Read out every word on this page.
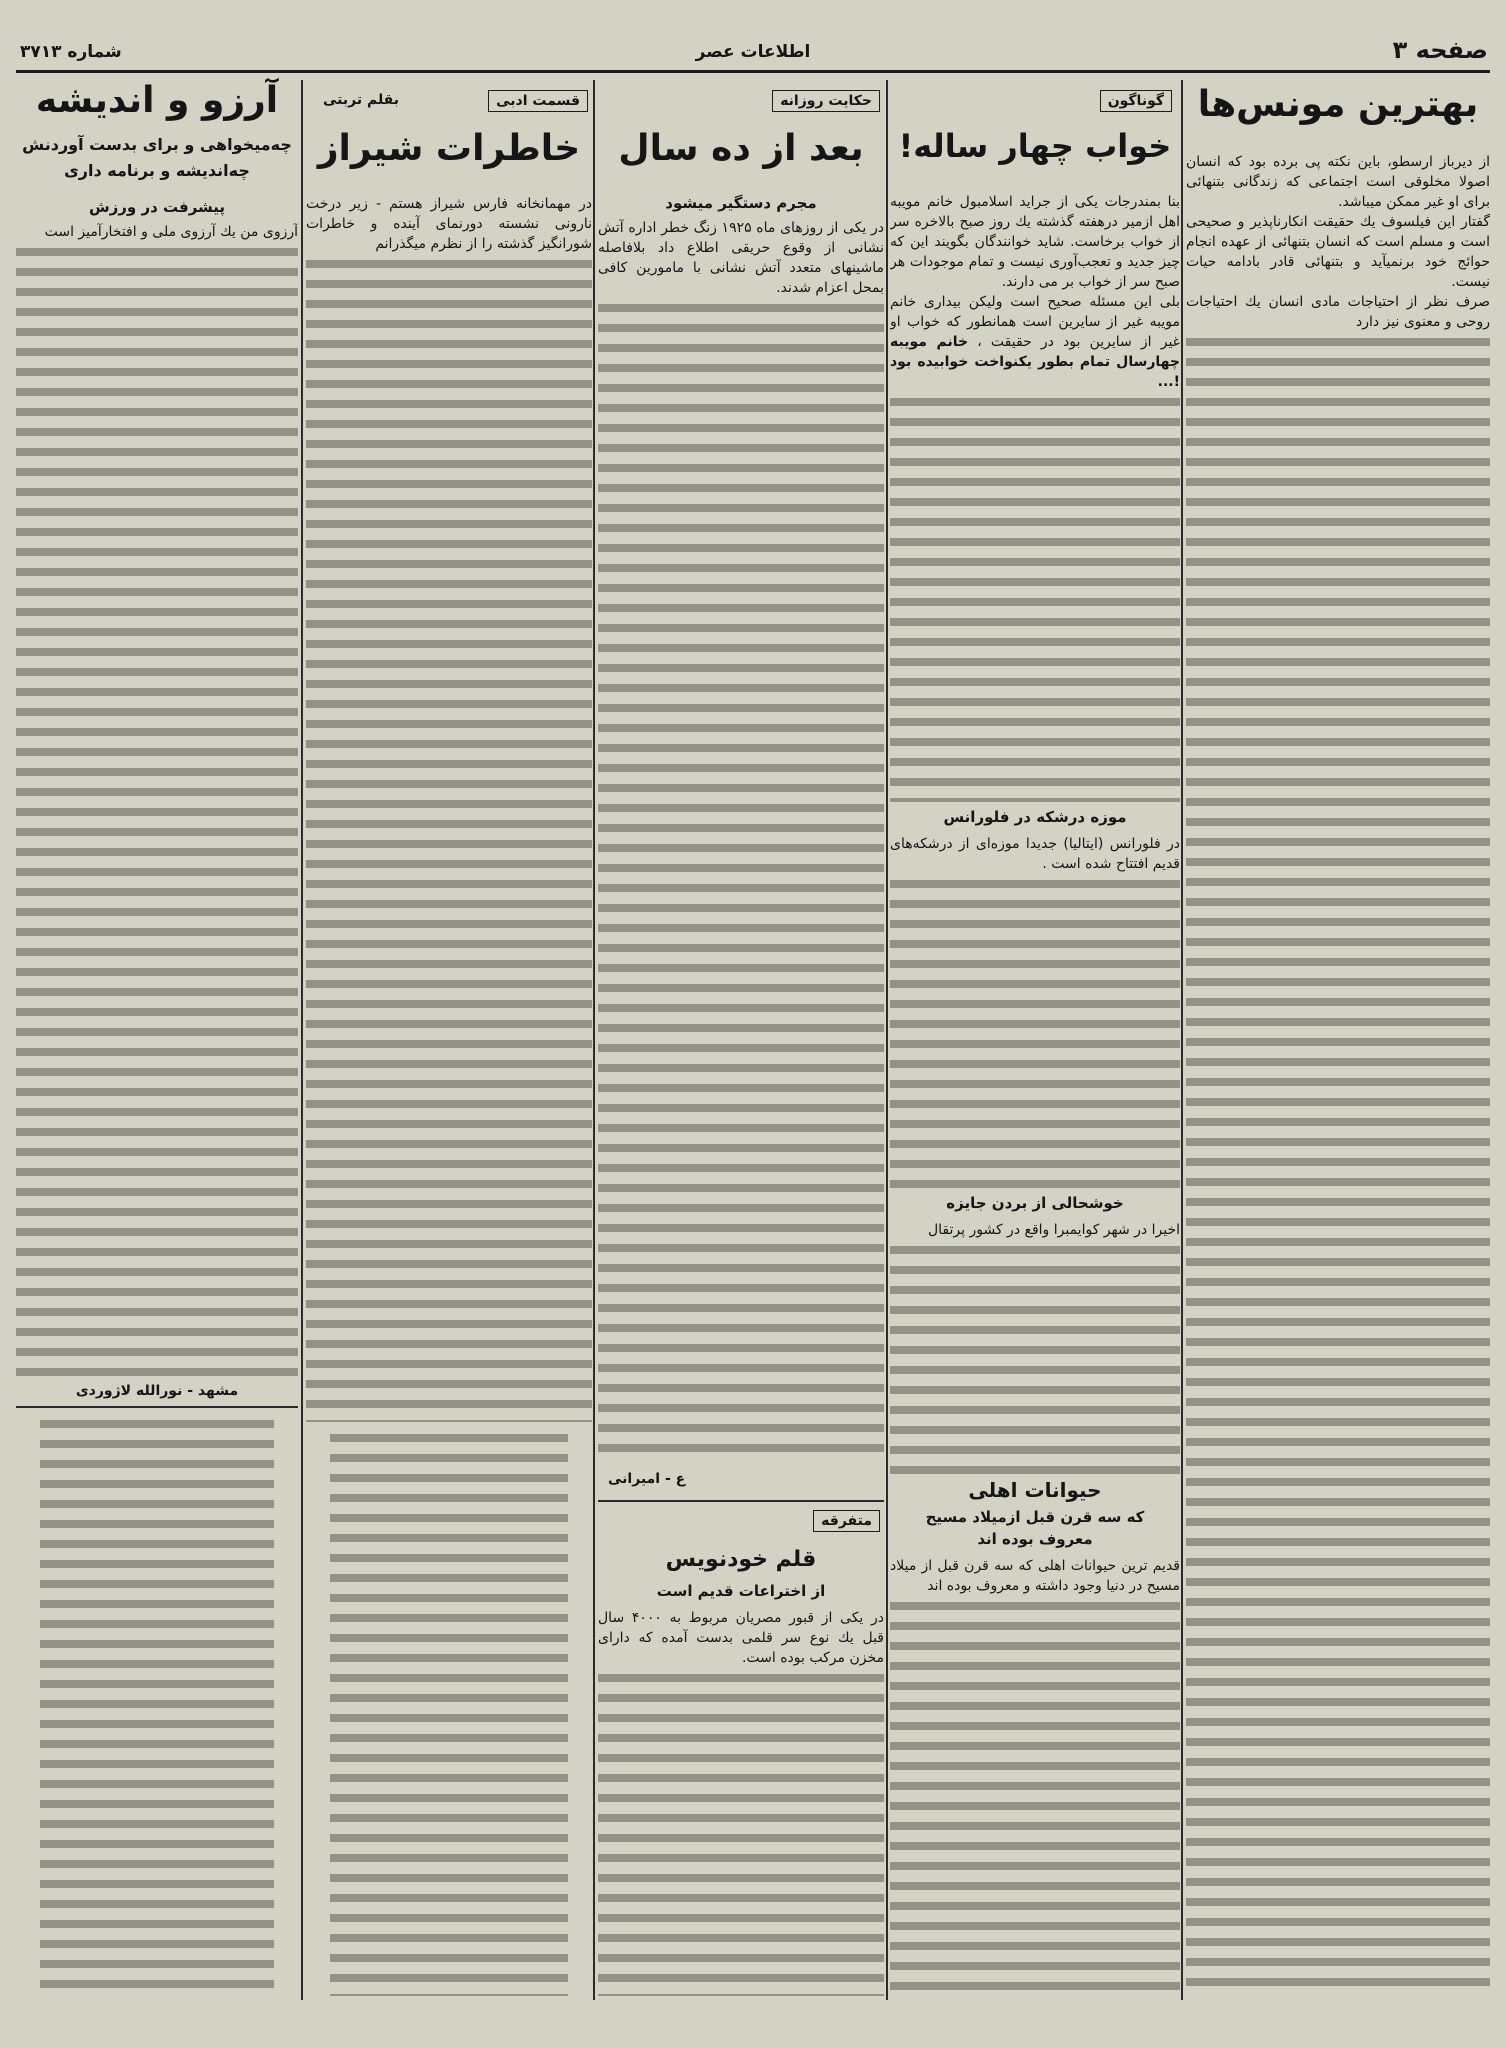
صفحه ۳
اطلاعات عصر
شماره ۳۷۱۳
بهترین مونس‌ها

از دیرباز ارسطو، باین نکته پی برده بود که انسان اصولا مخلوقی است اجتماعی که زندگانی بتنهائی برای او غیر ممکن میباشد.

گفتار این فیلسوف یك حقیقت انكارناپذیر و صحیحی است و مسلم است که انسان بتنهائی از عهده انجام حوائج خود برنمیآید و بتنهائی قادر بادامه حیات نیست.

صرف نظر از احتیاجات مادی انسان یك احتیاجات روحی و معنوی نیز دارد

گوناگون
خواب چهار ساله!

بنا بمندرجات یکی از جراید اسلامبول خانم مویبه اهل ازمیر درهفته گذشته یك روز صبح بالاخره سر از خواب برخاست. شاید خوانندگان بگویند این که چیز جدید و تعجب‌آوری نیست و تمام موجودات هر صبح سر از خواب بر می دارند.

بلی این مسئله صحیح است ولیکن بیداری خانم مویبه غیر از سایرین است همانطور که خواب او غیر از سایرین بود در حقیقت ، خانم مویبه چهارسال تمام بطور یکنواخت خوابیده بود !...

موزه درشکه در فلورانس

در فلورانس (ایتالیا) جدیدا موزه‌ای از درشکه‌های قدیم افتتاح شده است .

خوشحالی از بردن جایزه

اخیرا در شهر کوایمبرا واقع در کشور پرتقال

حیوانات اهلی
که سه قرن قبل ازمیلاد مسیح
معروف بوده اند

قدیم ترین حیوانات اهلی که سه قرن قبل از میلاد مسیح در دنیا وجود داشته و معروف بوده اند

حکایت روزانه
بعد از ده سال
مجرم دستگیر میشود

در یکی از روزهای ماه ۱۹۲۵ زنگ خطر اداره آتش نشانی از وقوع حریقی اطلاع داد بلافاصله ماشینهای متعدد آتش نشانی با مامورین کافی بمحل اعزام شدند.

ع - امیرانی
متفرقه
قلم خودنویس
از اختراعات قدیم است

در یکی از قبور مصریان مربوط به ۴۰۰۰ سال قبل یك نوع سر قلمی بدست آمده که دارای مخزن مرکب بوده است.

قسمت ادبی
بقلم تربتی
خاطرات شیراز

در مهمانخانه فارس شیراز هستم - زیر درخت نارونی نشسته دورنمای آینده و خاطرات شورانگیز گذشته را از نظرم میگذرانم

آرزو و اندیشه
چه‌میخواهی و برای بدست آوردنش
چه‌اندیشه و برنامه داری
پیشرفت در ورزش

آرزوی من یك آرزوی ملی و افتخارآمیز است

مشهد - نورالله لاژوردی
